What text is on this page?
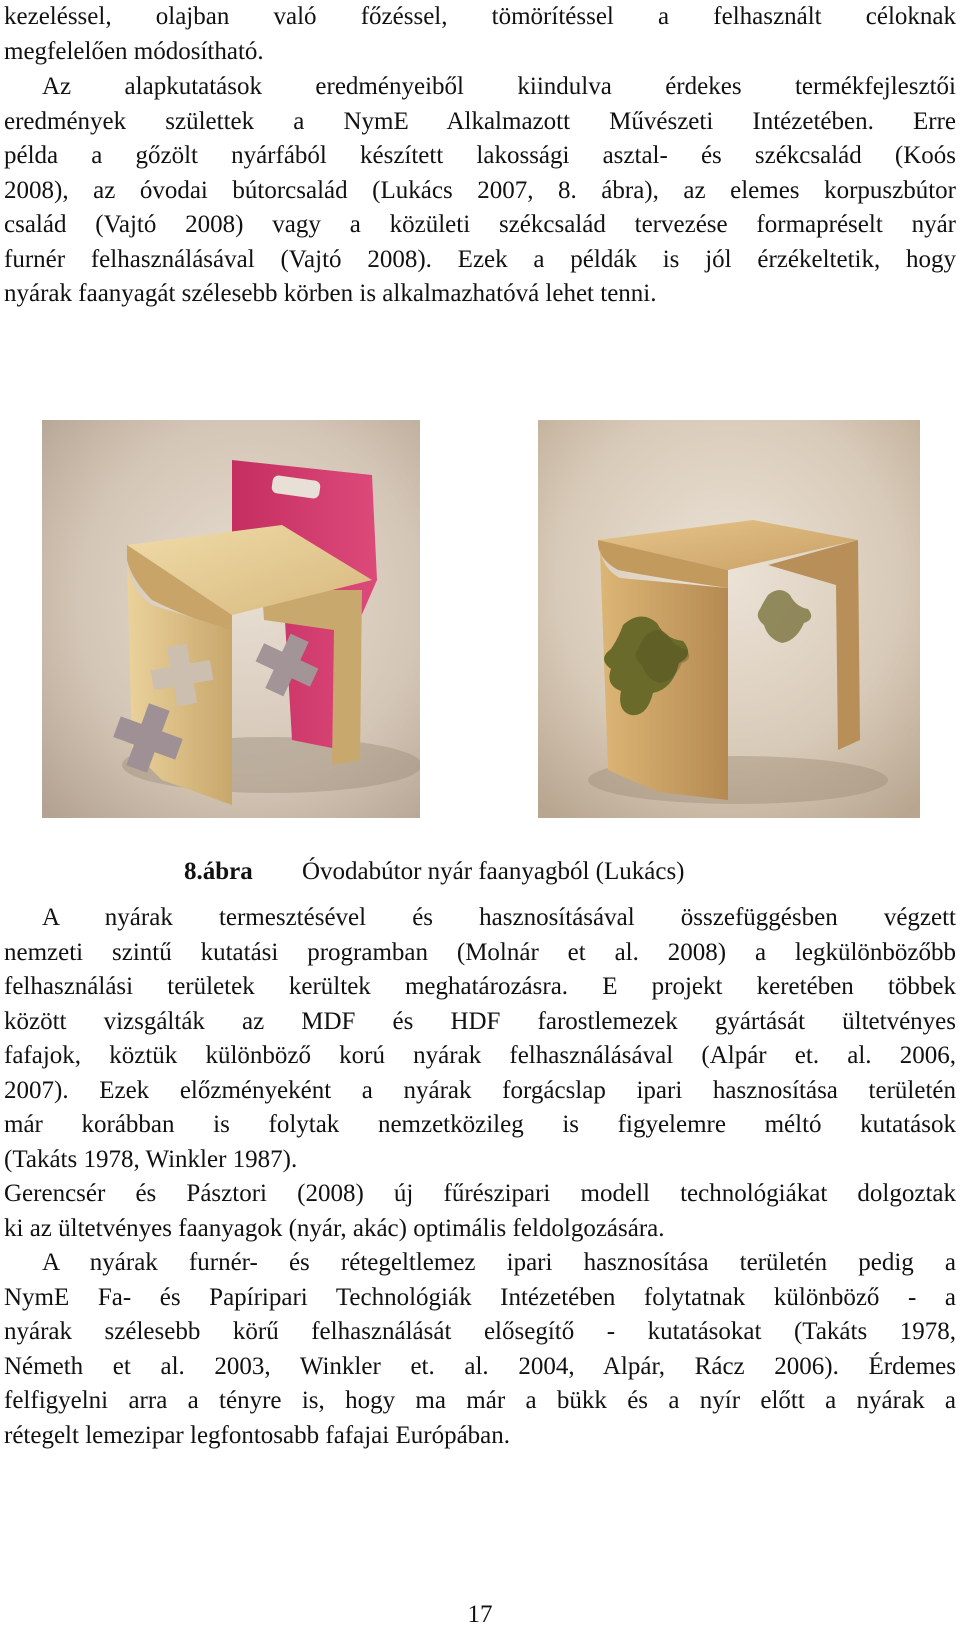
kezeléssel, olajban való főzéssel, tömörítéssel a felhasznált céloknak
megfelelően módosítható.
Az alapkutatások eredményeiből kiindulva érdekes termékfejlesztői
eredmények születtek a NymE Alkalmazott Művészeti Intézetében. Erre
példa a gőzölt nyárfából készített lakossági asztal- és székcsalád (Koós
2008), az óvodai bútorcsalád (Lukács 2007, 8. ábra), az elemes korpuszbútor
család (Vajtó 2008) vagy a közületi székcsalád tervezése formapréselt nyár
furnér felhasználásával (Vajtó 2008). Ezek a példák is jól érzékeltetik, hogy
nyárak faanyagát szélesebb körben is alkalmazhatóvá lehet tenni.
8.ábra Óvodabútor nyár faanyagból (Lukács)
A nyárak termesztésével és hasznosításával összefüggésben végzett
nemzeti szintű kutatási programban (Molnár et al. 2008) a legkülönbözőbb
felhasználási területek kerültek meghatározásra. E projekt keretében többek
között vizsgálták az MDF és HDF farostlemezek gyártását ültetvényes
fafajok, köztük különböző korú nyárak felhasználásával (Alpár et. al. 2006,
2007). Ezek előzményeként a nyárak forgácslap ipari hasznosítása területén
már korábban is folytak nemzetközileg is figyelemre méltó kutatások
(Takáts 1978, Winkler 1987).
Gerencsér és Pásztori (2008) új fűrészipari modell technológiákat dolgoztak
ki az ültetvényes faanyagok (nyár, akác) optimális feldolgozására.
A nyárak furnér- és rétegeltlemez ipari hasznosítása területén pedig a
NymE Fa- és Papíripari Technológiák Intézetében folytatnak különböző - a
nyárak szélesebb körű felhasználását elősegítő - kutatásokat (Takáts 1978,
Németh et al. 2003, Winkler et. al. 2004, Alpár, Rácz 2006). Érdemes
felfigyelni arra a tényre is, hogy ma már a bükk és a nyír előtt a nyárak a
rétegelt lemezipar legfontosabb fafajai Európában.
17
